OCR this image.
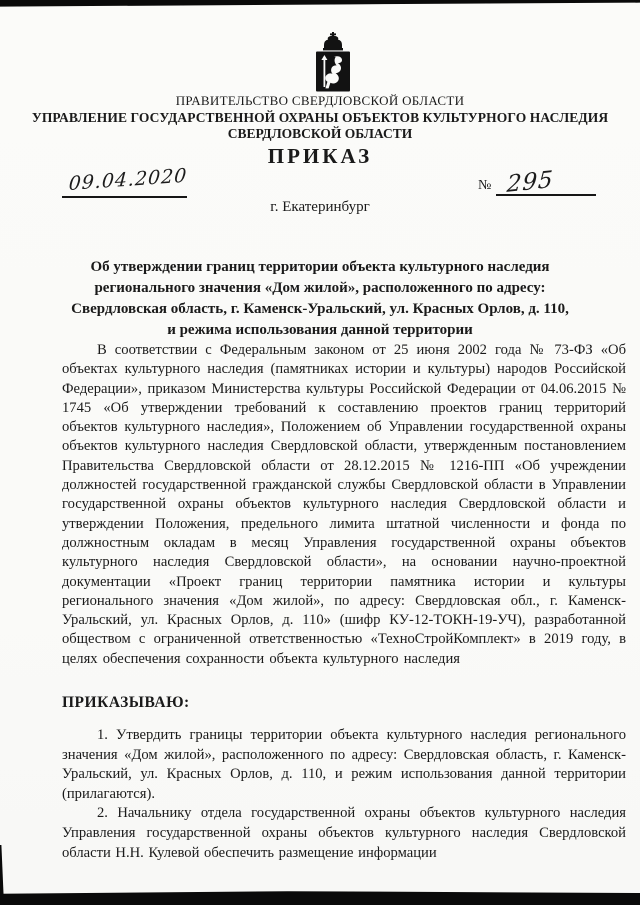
ПРАВИТЕЛЬСТВО СВЕРДЛОВСКОЙ ОБЛАСТИ
УПРАВЛЕНИЕ ГОСУДАРСТВЕННОЙ ОХРАНЫ ОБЪЕКТОВ КУЛЬТУРНОГО НАСЛЕДИЯ
СВЕРДЛОВСКОЙ ОБЛАСТИ
ПРИКАЗ
09.04.2020	№ 295
г. Екатеринбург
Об утверждении границ территории объекта культурного наследия
регионального значения «Дом жилой», расположенного по адресу:
Свердловская область, г. Каменск-Уральский, ул. Красных Орлов, д. 110,
и режима использования данной территории

В соответствии с Федеральным законом от 25 июня 2002 года № 73-ФЗ «Об объектах культурного наследия (памятниках истории и культуры) народов Российской Федерации», приказом Министерства культуры Российской Федерации от 04.06.2015 № 1745 «Об утверждении требований к составлению проектов границ территорий объектов культурного наследия», Положением об Управлении государственной охраны объектов культурного наследия Свердловской области, утвержденным постановлением Правительства Свердловской области от 28.12.2015 № 1216-ПП «Об учреждении должностей государственной гражданской службы Свердловской области в Управлении государственной охраны объектов культурного наследия Свердловской области и утверждении Положения, предельного лимита штатной численности и фонда по должностным окладам в месяц Управления государственной охраны объектов культурного наследия Свердловской области», на основании научно-проектной документации «Проект границ территории памятника истории и культуры регионального значения «Дом жилой», по адресу: Свердловская обл., г. Каменск-Уральский, ул. Красных Орлов, д. 110» (шифр КУ-12-ТОКН-19-УЧ), разработанной обществом с ограниченной ответственностью «ТехноСтройКомплект» в 2019 году, в целях обеспечения сохранности объекта культурного наследия

ПРИКАЗЫВАЮ:

1. Утвердить границы территории объекта культурного наследия регионального значения «Дом жилой», расположенного по адресу: Свердловская область, г. Каменск-Уральский, ул. Красных Орлов, д. 110, и режим использования данной территории (прилагаются).

2. Начальнику отдела государственной охраны объектов культурного наследия Управления государственной охраны объектов культурного наследия Свердловской области Н.Н. Кулевой обеспечить размещение информации
